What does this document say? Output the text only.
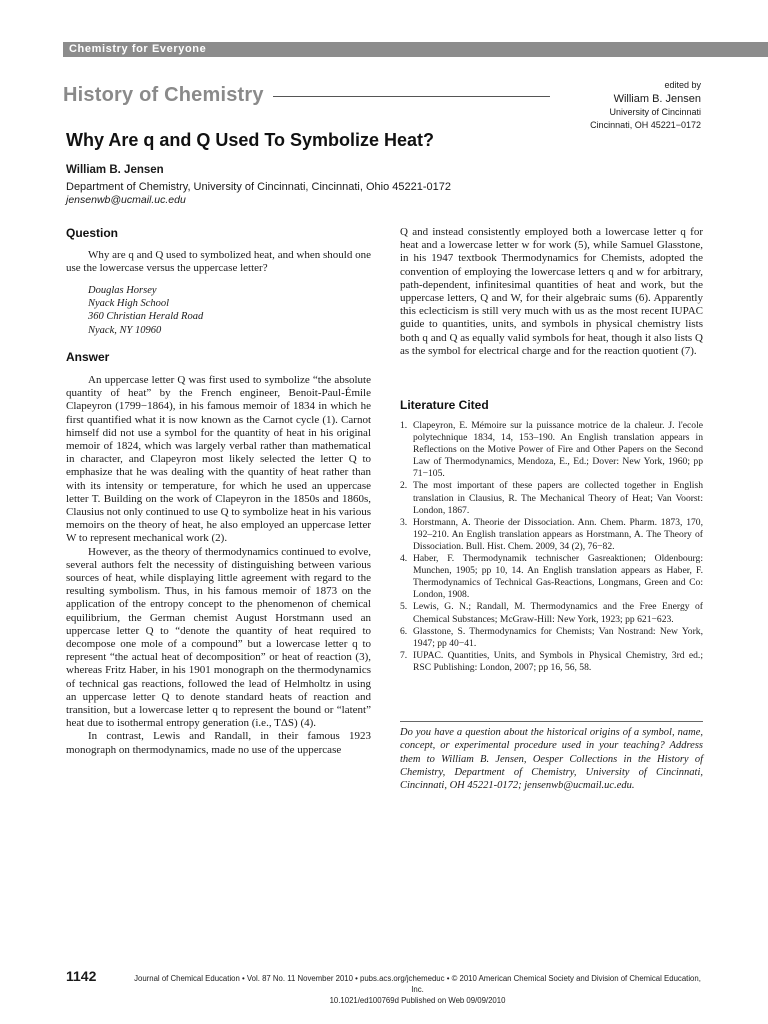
Chemistry for Everyone
History of Chemistry	edited by
William B. Jensen
University of Cincinnati
Cincinnati, OH 45221−0172
Why Are q and Q Used To Symbolize Heat?
William B. Jensen
Department of Chemistry, University of Cincinnati, Cincinnati, Ohio 45221-0172
jensenwb@ucmail.uc.edu
Question

Why are q and Q used to symbolized heat, and when should one use the lowercase versus the uppercase letter?

Douglas Horsey
Nyack High School
360 Christian Herald Road
Nyack, NY 10960
Answer

An uppercase letter Q was first used to symbolize “the absolute quantity of heat” by the French engineer, Benoit-Paul-Émile Clapeyron (1799−1864), in his famous memoir of 1834 in which he first quantified what it is now known as the Carnot cycle (1). Carnot himself did not use a symbol for the quantity of heat in his original memoir of 1824, which was largely verbal rather than mathematical in character, and Clapeyron most likely selected the letter Q to emphasize that he was dealing with the quantity of heat rather than with its intensity or temperature, for which he used an uppercase letter T. Building on the work of Clapeyron in the 1850s and 1860s, Clausius not only continued to use Q to symbolize heat in his various memoirs on the theory of heat, he also employed an uppercase letter W to represent mechanical work (2).

However, as the theory of thermodynamics continued to evolve, several authors felt the necessity of distinguishing between various sources of heat, while displaying little agreement with regard to the resulting symbolism. Thus, in his famous memoir of 1873 on the application of the entropy concept to the phenomenon of chemical equilibrium, the German chemist August Horstmann used an uppercase letter Q to “denote the quantity of heat required to decompose one mole of a compound” but a lowercase letter q to represent “the actual heat of decomposition” or heat of reaction (3), whereas Fritz Haber, in his 1901 monograph on the thermodynamics of technical gas reactions, followed the lead of Helmholtz in using an uppercase letter Q to denote standard heats of reaction and transition, but a lowercase letter q to represent the bound or “latent” heat due to isothermal entropy generation (i.e., TΔS) (4).

In contrast, Lewis and Randall, in their famous 1923 monograph on thermodynamics, made no use of the uppercase

Q and instead consistently employed both a lowercase letter q for heat and a lowercase letter w for work (5), while Samuel Glasstone, in his 1947 textbook Thermodynamics for Chemists, adopted the convention of employing the lowercase letters q and w for arbitrary, path-dependent, infinitesimal quantities of heat and work, but the uppercase letters, Q and W, for their algebraic sums (6). Apparently this eclecticism is still very much with us as the most recent IUPAC guide to quantities, units, and symbols in physical chemistry lists both q and Q as equally valid symbols for heat, though it also lists Q as the symbol for electrical charge and for the reaction quotient (7).

Literature Cited
1. Clapeyron, E. Mémoire sur la puissance motrice de la chaleur. J. l'ecole polytechnique 1834, 14, 153–190. An English translation appears in Reflections on the Motive Power of Fire and Other Papers on the Second Law of Thermodynamics, Mendoza, E., Ed.; Dover: New York, 1960; pp 71−105.
2. The most important of these papers are collected together in English translation in Clausius, R. The Mechanical Theory of Heat; Van Voorst: London, 1867.
3. Horstmann, A. Theorie der Dissociation. Ann. Chem. Pharm. 1873, 170, 192–210. An English translation appears as Horstmann, A. The Theory of Dissociation. Bull. Hist. Chem. 2009, 34 (2), 76−82.
4. Haber, F. Thermodynamik technischer Gasreaktionen; Oldenbourg: Munchen, 1905; pp 10, 14. An English translation appears as Haber, F. Thermodynamics of Technical Gas-Reactions, Longmans, Green and Co: London, 1908.
5. Lewis, G. N.; Randall, M. Thermodynamics and the Free Energy of Chemical Substances; McGraw-Hill: New York, 1923; pp 621−623.
6. Glasstone, S. Thermodynamics for Chemists; Van Nostrand: New York, 1947; pp 40−41.
7. IUPAC. Quantities, Units, and Symbols in Physical Chemistry, 3rd ed.; RSC Publishing: London, 2007; pp 16, 56, 58.
Do you have a question about the historical origins of a symbol, name, concept, or experimental procedure used in your teaching? Address them to William B. Jensen, Oesper Collections in the History of Chemistry, Department of Chemistry, University of Cincinnati, Cincinnati, OH 45221-0172; jensenwb@ucmail.uc.edu.
1142	Journal of Chemical Education • Vol. 87 No. 11 November 2010 • pubs.acs.org/jchemeduc • © 2010 American Chemical Society and Division of Chemical Education, Inc.
10.1021/ed100769d Published on Web 09/09/2010
